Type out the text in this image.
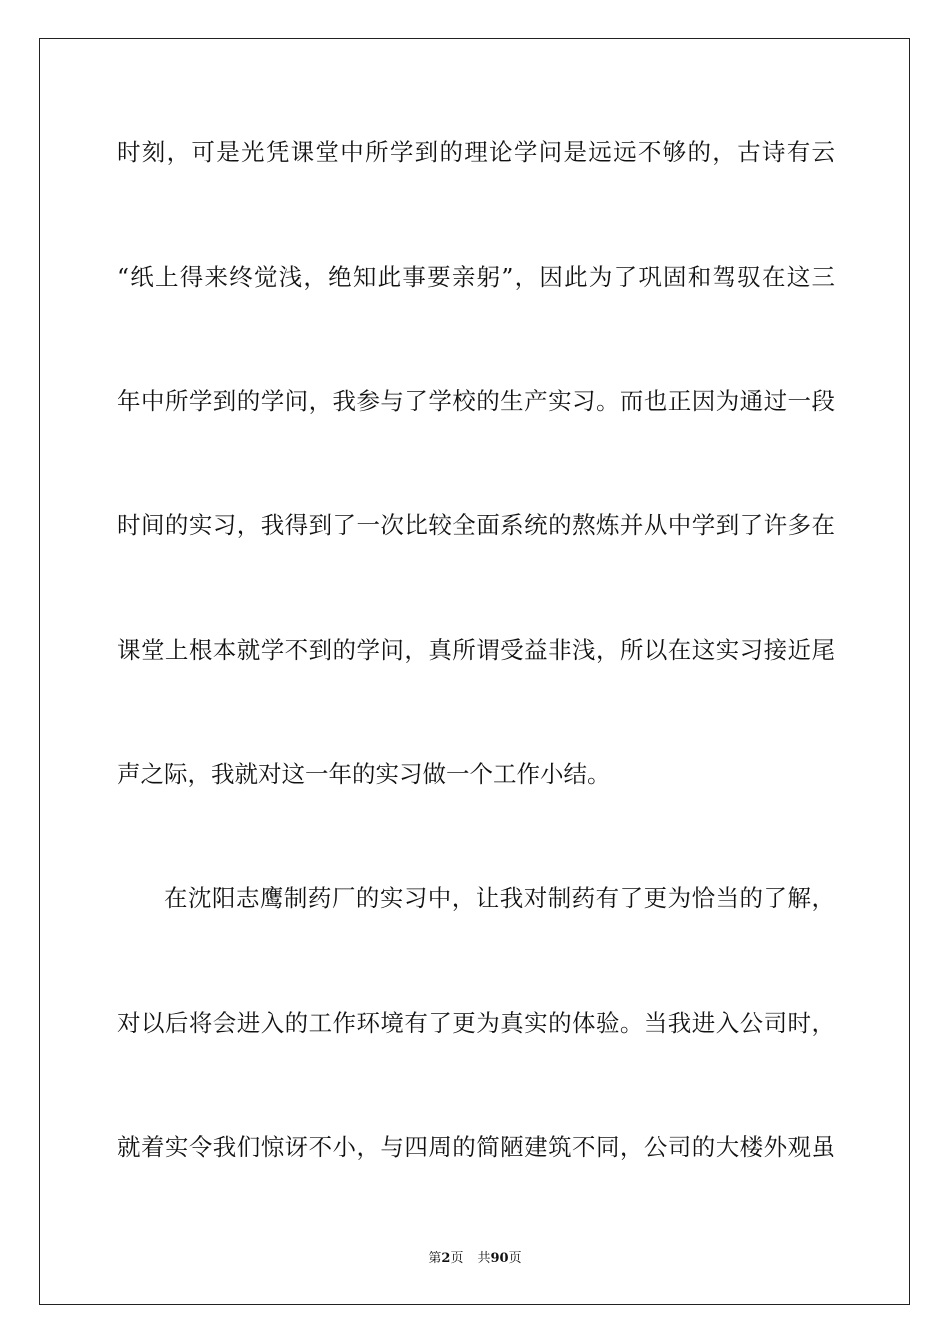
时刻，可是光凭课堂中所学到的理论学问是远远不够的，古诗有云
“纸上得来终觉浅，绝知此事要亲躬”，因此为了巩固和驾驭在这三
年中所学到的学问，我参与了学校的生产实习。而也正因为通过一段
时间的实习，我得到了一次比较全面系统的熬炼并从中学到了许多在
课堂上根本就学不到的学问，真所谓受益非浅，所以在这实习接近尾
声之际，我就对这一年的实习做一个工作小结。
在沈阳志鹰制药厂的实习中，让我对制药有了更为恰当的了解，
对以后将会进入的工作环境有了更为真实的体验。当我进入公司时，
就着实令我们惊讶不小，与四周的简陋建筑不同，公司的大楼外观虽
第2页 共90页
